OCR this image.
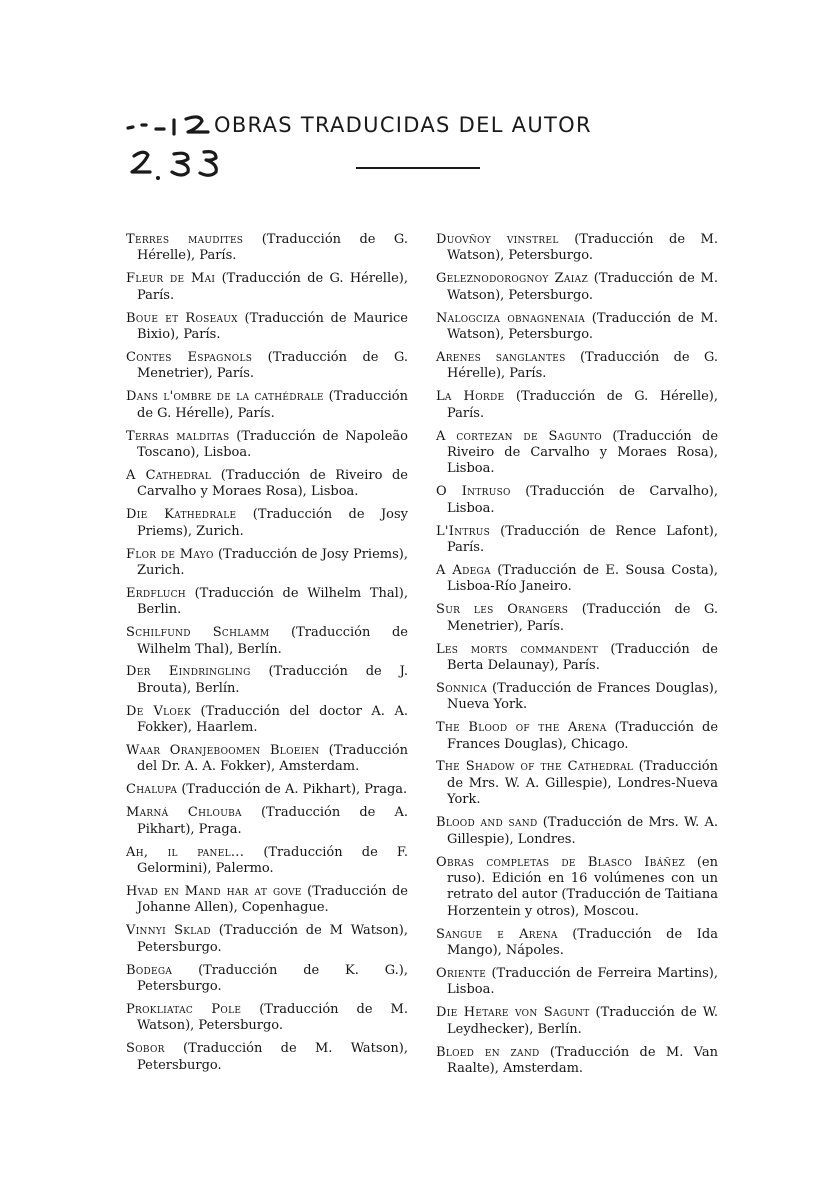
OBRAS TRADUCIDAS DEL AUTOR

Terres maudites (Traducción de G. Hérelle), París.

Fleur de Mai (Traducción de G. Hérelle), París.

Boue et Roseaux (Traducción de Maurice Bixio), París.

Contes Espagnols (Traducción de G. Menetrier), París.

Dans l'ombre de la cathédrale (Traducción de G. Hérelle), París.

Terras malditas (Traducción de Napoleão Toscano), Lisboa.

A Cathedral (Traducción de Riveiro de Carvalho y Moraes Rosa), Lisboa.

Die Kathedrale (Traducción de Josy Priems), Zurich.

Flor de Mayo (Traducción de Josy Priems), Zurich.

Erdfluch (Traducción de Wilhelm Thal), Berlin.

Schilfund Schlamm (Traducción de Wilhelm Thal), Berlín.

Der Eindringling (Traducción de J. Brouta), Berlín.

De Vloek (Traducción del doctor A. A. Fokker), Haarlem.

Waar Oranjeboomen Bloeien (Traducción del Dr. A. A. Fokker), Amsterdam.

Chalupa (Traducción de A. Pikhart), Praga.

Marná Chlouba (Traducción de A. Pikhart), Praga.

Ah, il panel... (Traducción de F. Gelormini), Palermo.

Hvad en Mand har at gove (Traducción de Johanne Allen), Copenhague.

Vinnyi Sklad (Traducción de M Watson), Petersburgo.

Bodega (Traducción de K. G.), Petersburgo.

Prokliatac Pole (Traducción de M. Watson), Petersburgo.

Sobor (Traducción de M. Watson), Petersburgo.

Duovñoy vinstrel (Traducción de M. Watson), Petersburgo.

Geleznodorognoy Zaiaz (Traducción de M. Watson), Petersburgo.

Nalogciza obnagnenaia (Traducción de M. Watson), Petersburgo.

Arenes sanglantes (Traducción de G. Hérelle), París.

La Horde (Traducción de G. Hérelle), París.

A cortezan de Sagunto (Traducción de Riveiro de Carvalho y Moraes Rosa), Lisboa.

O Intruso (Traducción de Carvalho), Lisboa.

L'Intrus (Traducción de Rence Lafont), París.

A Adega (Traducción de E. Sousa Costa), Lisboa-Río Janeiro.

Sur les Orangers (Traducción de G. Menetrier), París.

Les morts commandent (Traducción de Berta Delaunay), París.

Sonnica (Traducción de Frances Douglas), Nueva York.

The Blood of the Arena (Traducción de Frances Douglas), Chicago.

The Shadow of the Cathedral (Traducción de Mrs. W. A. Gillespie), Londres-Nueva York.

Blood and sand (Traducción de Mrs. W. A. Gillespie), Londres.

Obras completas de Blasco Ibáñez (en ruso). Edición en 16 volúmenes con un retrato del autor (Traducción de Taitiana Horzentein y otros), Moscou.

Sangue e Arena (Traducción de Ida Mango), Nápoles.

Oriente (Traducción de Ferreira Martins), Lisboa.

Die Hetare von Sagunt (Traducción de W. Leydhecker), Berlín.

Bloed en zand (Traducción de M. Van Raalte), Amsterdam.
